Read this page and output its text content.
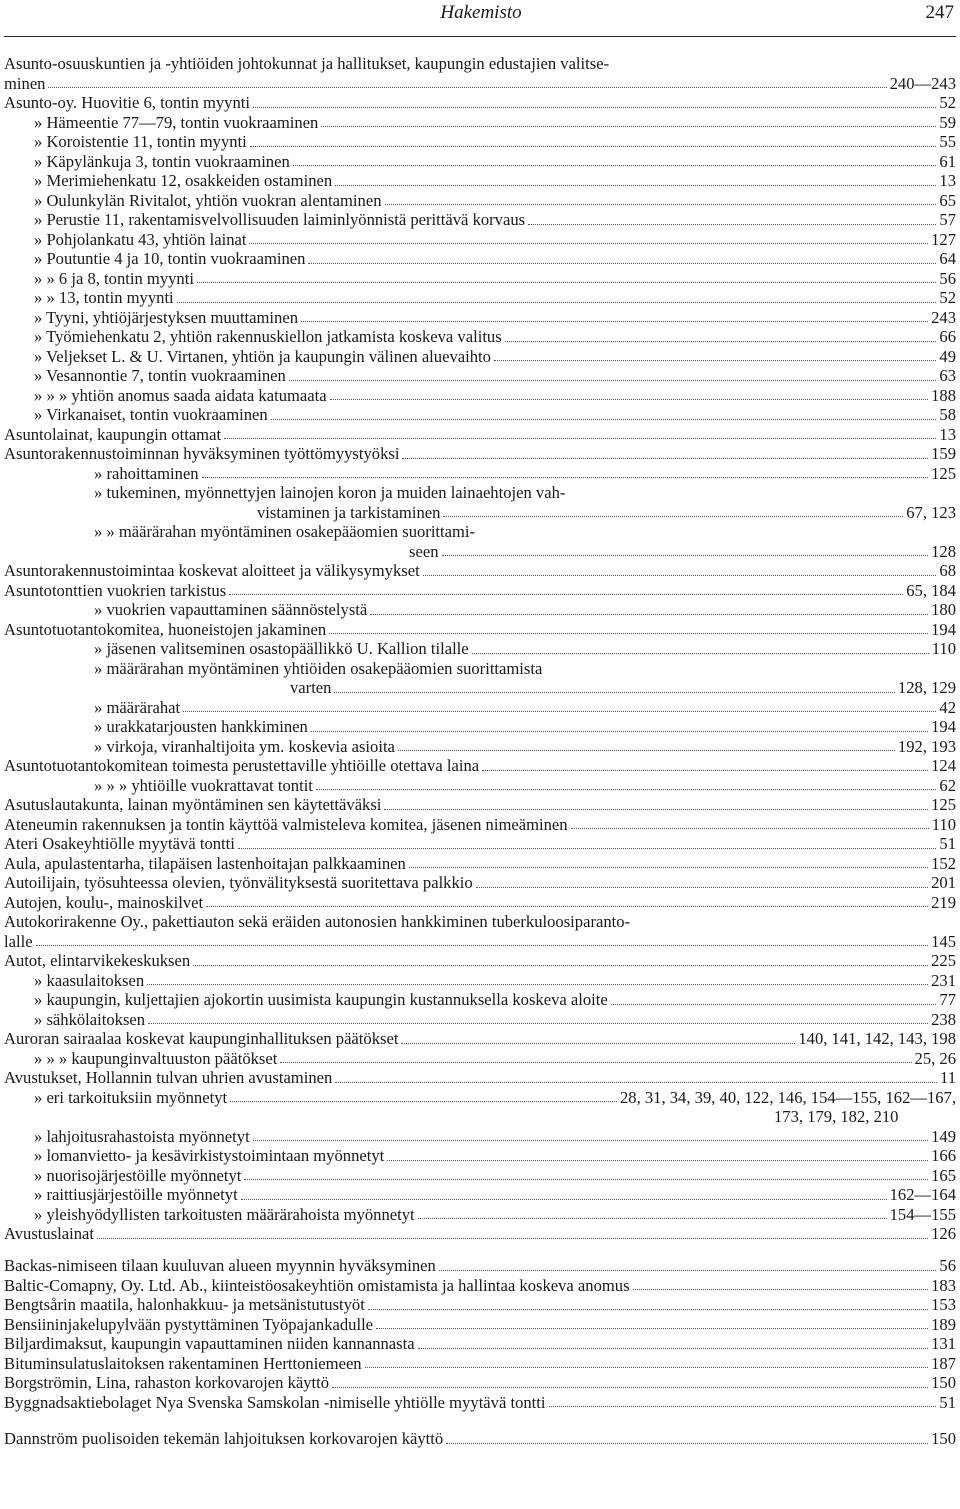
Hakemisto	247
Asunto-osuuskuntien ja -yhtiöiden johtokunnat ja hallitukset, kaupungin edustajien valitse-
minen	240—243
Asunto-oy. Huovitie 6, tontin myynti	52
» Hämeentie 77—79, tontin vuokraaminen	59
» Koroistentie 11, tontin myynti	55
» Käpylänkuja 3, tontin vuokraaminen	61
» Merimiehenkatu 12, osakkeiden ostaminen	13
» Oulunkylän Rivitalot, yhtiön vuokran alentaminen	65
» Perustie 11, rakentamisvelvollisuuden laiminlyönnistä perittävä korvaus	57
» Pohjolankatu 43, yhtiön lainat	127
» Poutuntie 4 ja 10, tontin vuokraaminen	64
» » 6 ja 8, tontin myynti	56
» » 13, tontin myynti	52
» Tyyni, yhtiöjärjestyksen muuttaminen	243
» Työmiehenkatu 2, yhtiön rakennuskiellon jatkamista koskeva valitus	66
» Veljekset L. & U. Virtanen, yhtiön ja kaupungin välinen aluevaihto	49
» Vesannontie 7, tontin vuokraaminen	63
» » » yhtiön anomus saada aidata katumaata	188
» Virkanaiset, tontin vuokraaminen	58
Asuntolainat, kaupungin ottamat	13
Asuntorakennustoiminnan hyväksyminen työttömyystyöksi	159
» rahoittaminen	125
» tukeminen, myönnettyjen lainojen koron ja muiden lainaehtojen vah-
vistaminen ja tarkistaminen	67, 123
» » määrärahan myöntäminen osakepääomien suorittami-
seen	128
Asuntorakennustoimintaa koskevat aloitteet ja välikysymykset	68
Asuntotonttien vuokrien tarkistus	65, 184
» vuokrien vapauttaminen säännöstelystä	180
Asuntotuotantokomitea, huoneistojen jakaminen	194
» jäsenen valitseminen osastopäällikkö U. Kallion tilalle	110
» määrärahan myöntäminen yhtiöiden osakepääomien suorittamista
varten	128, 129
» määrärahat	42
» urakkatarjousten hankkiminen	194
» virkoja, viranhaltijoita ym. koskevia asioita	192, 193
Asuntotuotantokomitean toimesta perustettaville yhtiöille otettava laina	124
» » » yhtiöille vuokrattavat tontit	62
Asutuslautakunta, lainan myöntäminen sen käytettäväksi	125
Ateneumin rakennuksen ja tontin käyttöä valmisteleva komitea, jäsenen nimeäminen	110
Ateri Osakeyhtiölle myytävä tontti	51
Aula, apulastentarha, tilapäisen lastenhoitajan palkkaaminen	152
Autoilijain, työsuhteessa olevien, työnvälityksestä suoritettava palkkio	201
Autojen, koulu-, mainoskilvet	219
Autokorirakenne Oy., pakettiauton sekä eräiden autonosien hankkiminen tuberkuloosiparanto-
lalle	145
Autot, elintarvikekeskuksen	225
» kaasulaitoksen	231
» kaupungin, kuljettajien ajokortin uusimista kaupungin kustannuksella koskeva aloite	77
» sähkölaitoksen	238
Auroran sairaalaa koskevat kaupunginhallituksen päätökset	140, 141, 142, 143, 198
» » » kaupunginvaltuuston päätökset	25, 26
Avustukset, Hollannin tulvan uhrien avustaminen	11
» eri tarkoituksiin myönnetyt	28, 31, 34, 39, 40, 122, 146, 154—155, 162—167,
173, 179, 182, 210
» lahjoitusrahastoista myönnetyt	149
» lomanvietto- ja kesävirkistystoimintaan myönnetyt	166
» nuorisojärjestöille myönnetyt	165
» raittiusjärjestöille myönnetyt	162—164
» yleishyödyllisten tarkoitusten määrärahoista myönnetyt	154—155
Avustuslainat	126
Backas-nimiseen tilaan kuuluvan alueen myynnin hyväksyminen	56
Baltic-Comapny, Oy. Ltd. Ab., kiinteistöosakeyhtiön omistamista ja hallintaa koskeva anomus	183
Bengtsårin maatila, halonhakkuu- ja metsänistutustyöt	153
Bensiininjakelupylvään pystyttäminen Työpajankadulle	189
Biljardimaksut, kaupungin vapauttaminen niiden kannannasta	131
Bituminsulatuslaitoksen rakentaminen Herttoniemeen	187
Borgströmin, Lina, rahaston korkovarojen käyttö	150
Byggnadsaktiebolaget Nya Svenska Samskolan -nimiselle yhtiölle myytävä tontti	51
Dannström puolisoiden tekemän lahjoituksen korkovarojen käyttö	150
